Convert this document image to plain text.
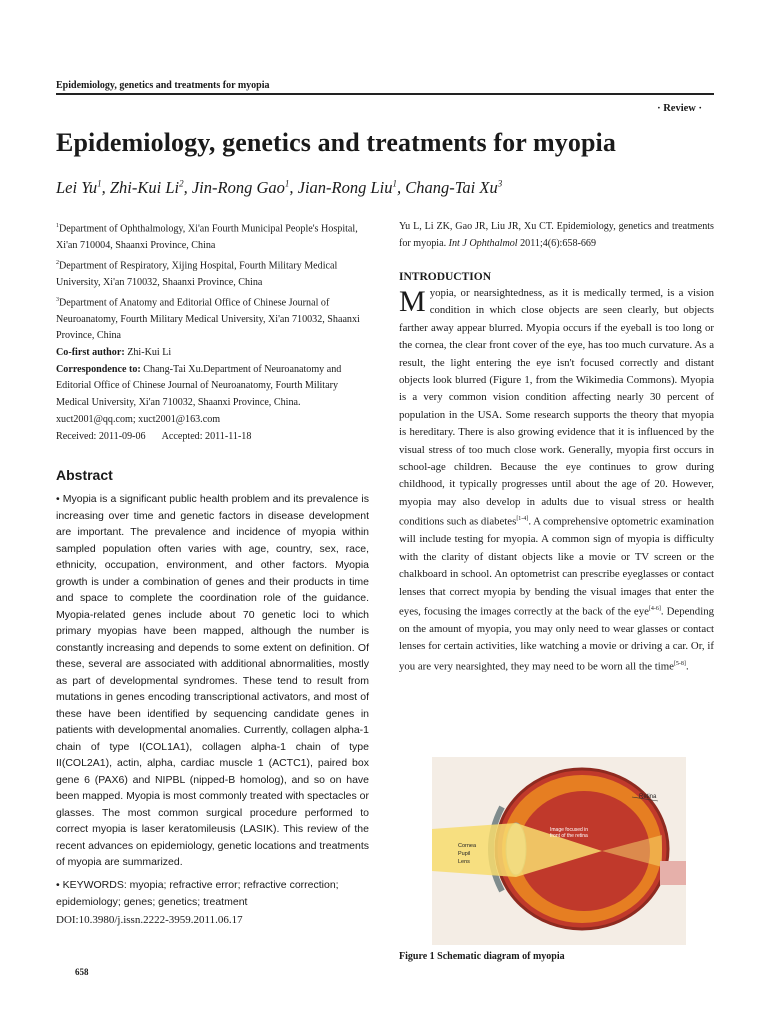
Epidemiology, genetics and treatments for myopia
· Review ·
Epidemiology, genetics and treatments for myopia
Lei Yu$^1$, Zhi-Kui Li$^2$, Jin-Rong Gao$^1$, Jian-Rong Liu$^1$, Chang-Tai Xu$^3$
$^1$Department of Ophthalmology, Xi'an Fourth Municipal People's Hospital, Xi'an 710004, Shaanxi Province, China
$^2$Department of Respiratory, Xijing Hospital, Fourth Military Medical University, Xi'an 710032, Shaanxi Province, China
$^3$Department of Anatomy and Editorial Office of Chinese Journal of Neuroanatomy, Fourth Military Medical University, Xi'an 710032, Shaanxi Province, China
Co-first author: Zhi-Kui Li
Correspondence to: Chang-Tai Xu.Department of Neuroanatomy and Editorial Office of Chinese Journal of Neuroanatomy, Fourth Military Medical University, Xi'an 710032, Shaanxi Province, China. xuct2001@qq.com; xuct2001@163.com
Received: 2011-09-06 Accepted: 2011-11-18
Abstract
• Myopia is a significant public health problem and its prevalence is increasing over time and genetic factors in disease development are important. The prevalence and incidence of myopia within sampled population often varies with age, country, sex, race, ethnicity, occupation, environment, and other factors. Myopia growth is under a combination of genes and their products in time and space to complete the coordination role of the guidance. Myopia-related genes include about 70 genetic loci to which primary myopias have been mapped, although the number is constantly increasing and depends to some extent on definition. Of these, several are associated with additional abnormalities, mostly as part of developmental syndromes. These tend to result from mutations in genes encoding transcriptional activators, and most of these have been identified by sequencing candidate genes in patients with developmental anomalies. Currently, collagen alpha-1 chain of type I(COL1A1), collagen alpha-1 chain of type II(COL2A1), actin, alpha, cardiac muscle 1 (ACTC1), paired box gene 6 (PAX6) and NIPBL (nipped-B homolog), and so on have been mapped. Myopia is most commonly treated with spectacles or glasses. The most common surgical procedure performed to correct myopia is laser keratomileusis (LASIK). This review of the recent advances on epidemiology, genetic locations and treatments of myopia are summarized.
• KEYWORDS: myopia; refractive error; refractive correction; epidemiology; genes; genetics; treatment
DOI:10.3980/j.issn.2222-3959.2011.06.17
Yu L, Li ZK, Gao JR, Liu JR, Xu CT. Epidemiology, genetics and treatments for myopia. Int J Ophthalmol 2011;4(6):658-669
INTRODUCTION
Myopia, or nearsightedness, as it is medically termed, is a vision condition in which close objects are seen clearly, but objects farther away appear blurred. Myopia occurs if the eyeball is too long or the cornea, the clear front cover of the eye, has too much curvature. As a result, the light entering the eye isn't focused correctly and distant objects look blurred (Figure 1, from the Wikimedia Commons). Myopia is a very common vision condition affecting nearly 30 percent of population in the USA. Some research supports the theory that myopia is hereditary. There is also growing evidence that it is influenced by the visual stress of too much close work. Generally, myopia first occurs in school-age children. Because the eye continues to grow during childhood, it typically progresses until about the age of 20. However, myopia may also develop in adults due to visual stress or health conditions such as diabetes[1-4]. A comprehensive optometric examination will include testing for myopia. A common sign of myopia is difficulty with the clarity of distant objects like a movie or TV screen or the chalkboard in school. An optometrist can prescribe eyeglasses or contact lenses that correct myopia by bending the visual images that enter the eyes, focusing the images correctly at the back of the eye[4-6]. Depending on the amount of myopia, you may only need to wear glasses or contact lenses for certain activities, like watching a movie or driving a car. Or, if you are very nearsighted, they may need to be worn all the time[5-8].
Retina
Image focused in
front of the retina
Cornea
Pupil
Lens
Figure 1 Schematic diagram of myopia
658
